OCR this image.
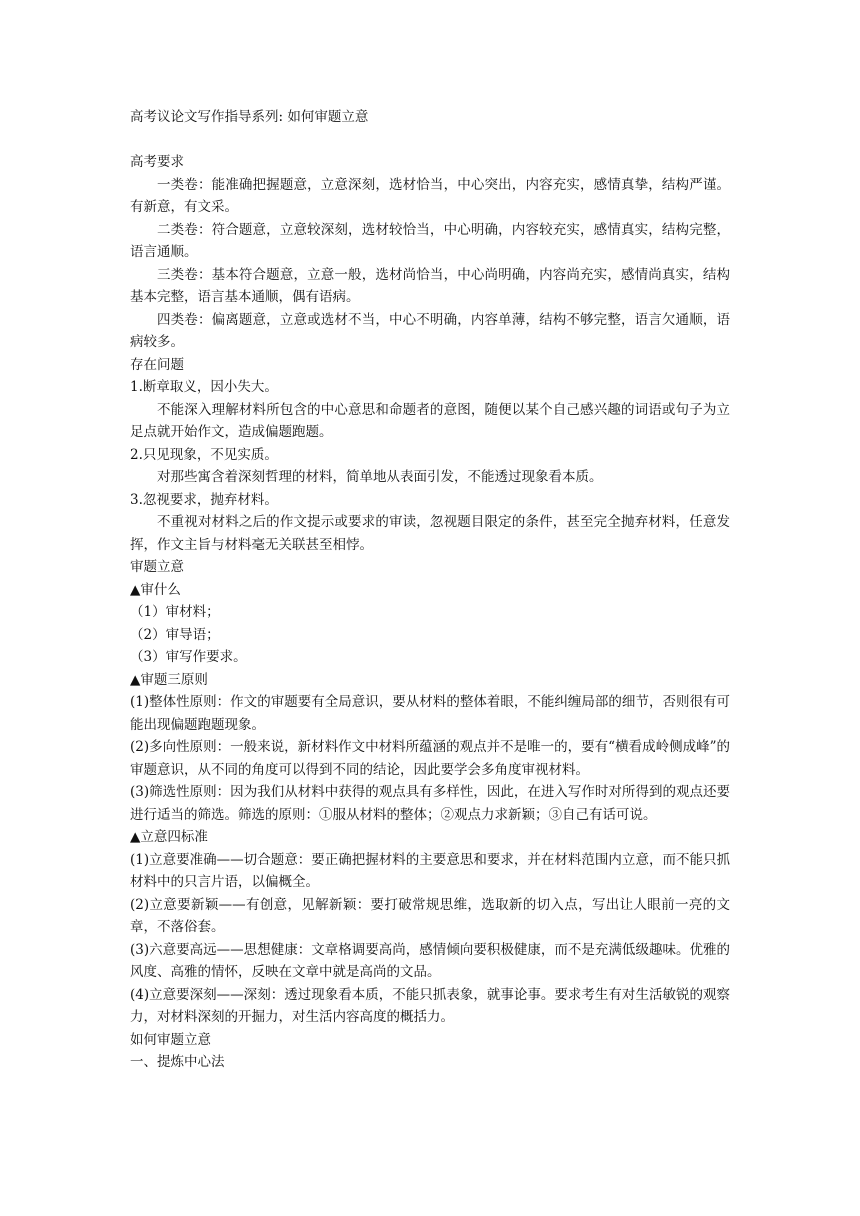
高考议论文写作指导系列: 如何审题立意

高考要求

一类卷：能准确把握题意，立意深刻，选材恰当，中心突出，内容充实，感情真挚，结构严谨。有新意，有文采。

二类卷：符合题意，立意较深刻，选材较恰当，中心明确，内容较充实，感情真实，结构完整，语言通顺。

三类卷：基本符合题意，立意一般，选材尚恰当，中心尚明确，内容尚充实，感情尚真实，结构基本完整，语言基本通顺，偶有语病。

四类卷：偏离题意，立意或选材不当，中心不明确，内容单薄，结构不够完整，语言欠通顺，语病较多。

存在问题

1.断章取义，因小失大。

不能深入理解材料所包含的中心意思和命题者的意图，随便以某个自己感兴趣的词语或句子为立足点就开始作文，造成偏题跑题。

2.只见现象，不见实质。

对那些寓含着深刻哲理的材料，简单地从表面引发，不能透过现象看本质。

3.忽视要求，抛弃材料。

不重视对材料之后的作文提示或要求的审读，忽视题目限定的条件，甚至完全抛弃材料，任意发挥，作文主旨与材料毫无关联甚至相悖。

审题立意

▲审什么

（1）审材料；

（2）审导语；

（3）审写作要求。

▲审题三原则

(1)整体性原则：作文的审题要有全局意识，要从材料的整体着眼，不能纠缠局部的细节，否则很有可能出现偏题跑题现象。

(2)多向性原则：一般来说，新材料作文中材料所蕴涵的观点并不是唯一的，要有“横看成岭侧成峰”的审题意识，从不同的角度可以得到不同的结论，因此要学会多角度审视材料。

(3)筛选性原则：因为我们从材料中获得的观点具有多样性，因此，在进入写作时对所得到的观点还要进行适当的筛选。筛选的原则：①服从材料的整体；②观点力求新颖；③自己有话可说。

▲立意四标准

(1)立意要准确——切合题意：要正确把握材料的主要意思和要求，并在材料范围内立意，而不能只抓材料中的只言片语，以偏概全。

(2)立意要新颖——有创意，见解新颖：要打破常规思维，选取新的切入点，写出让人眼前一亮的文章，不落俗套。

(3)六意要高远——思想健康：文章格调要高尚，感情倾向要积极健康，而不是充满低级趣味。优雅的风度、高雅的情怀，反映在文章中就是高尚的文品。

(4)立意要深刻——深刻：透过现象看本质，不能只抓表象，就事论事。要求考生有对生活敏锐的观察力，对材料深刻的开掘力，对生活内容高度的概括力。

如何审题立意

一、提炼中心法
